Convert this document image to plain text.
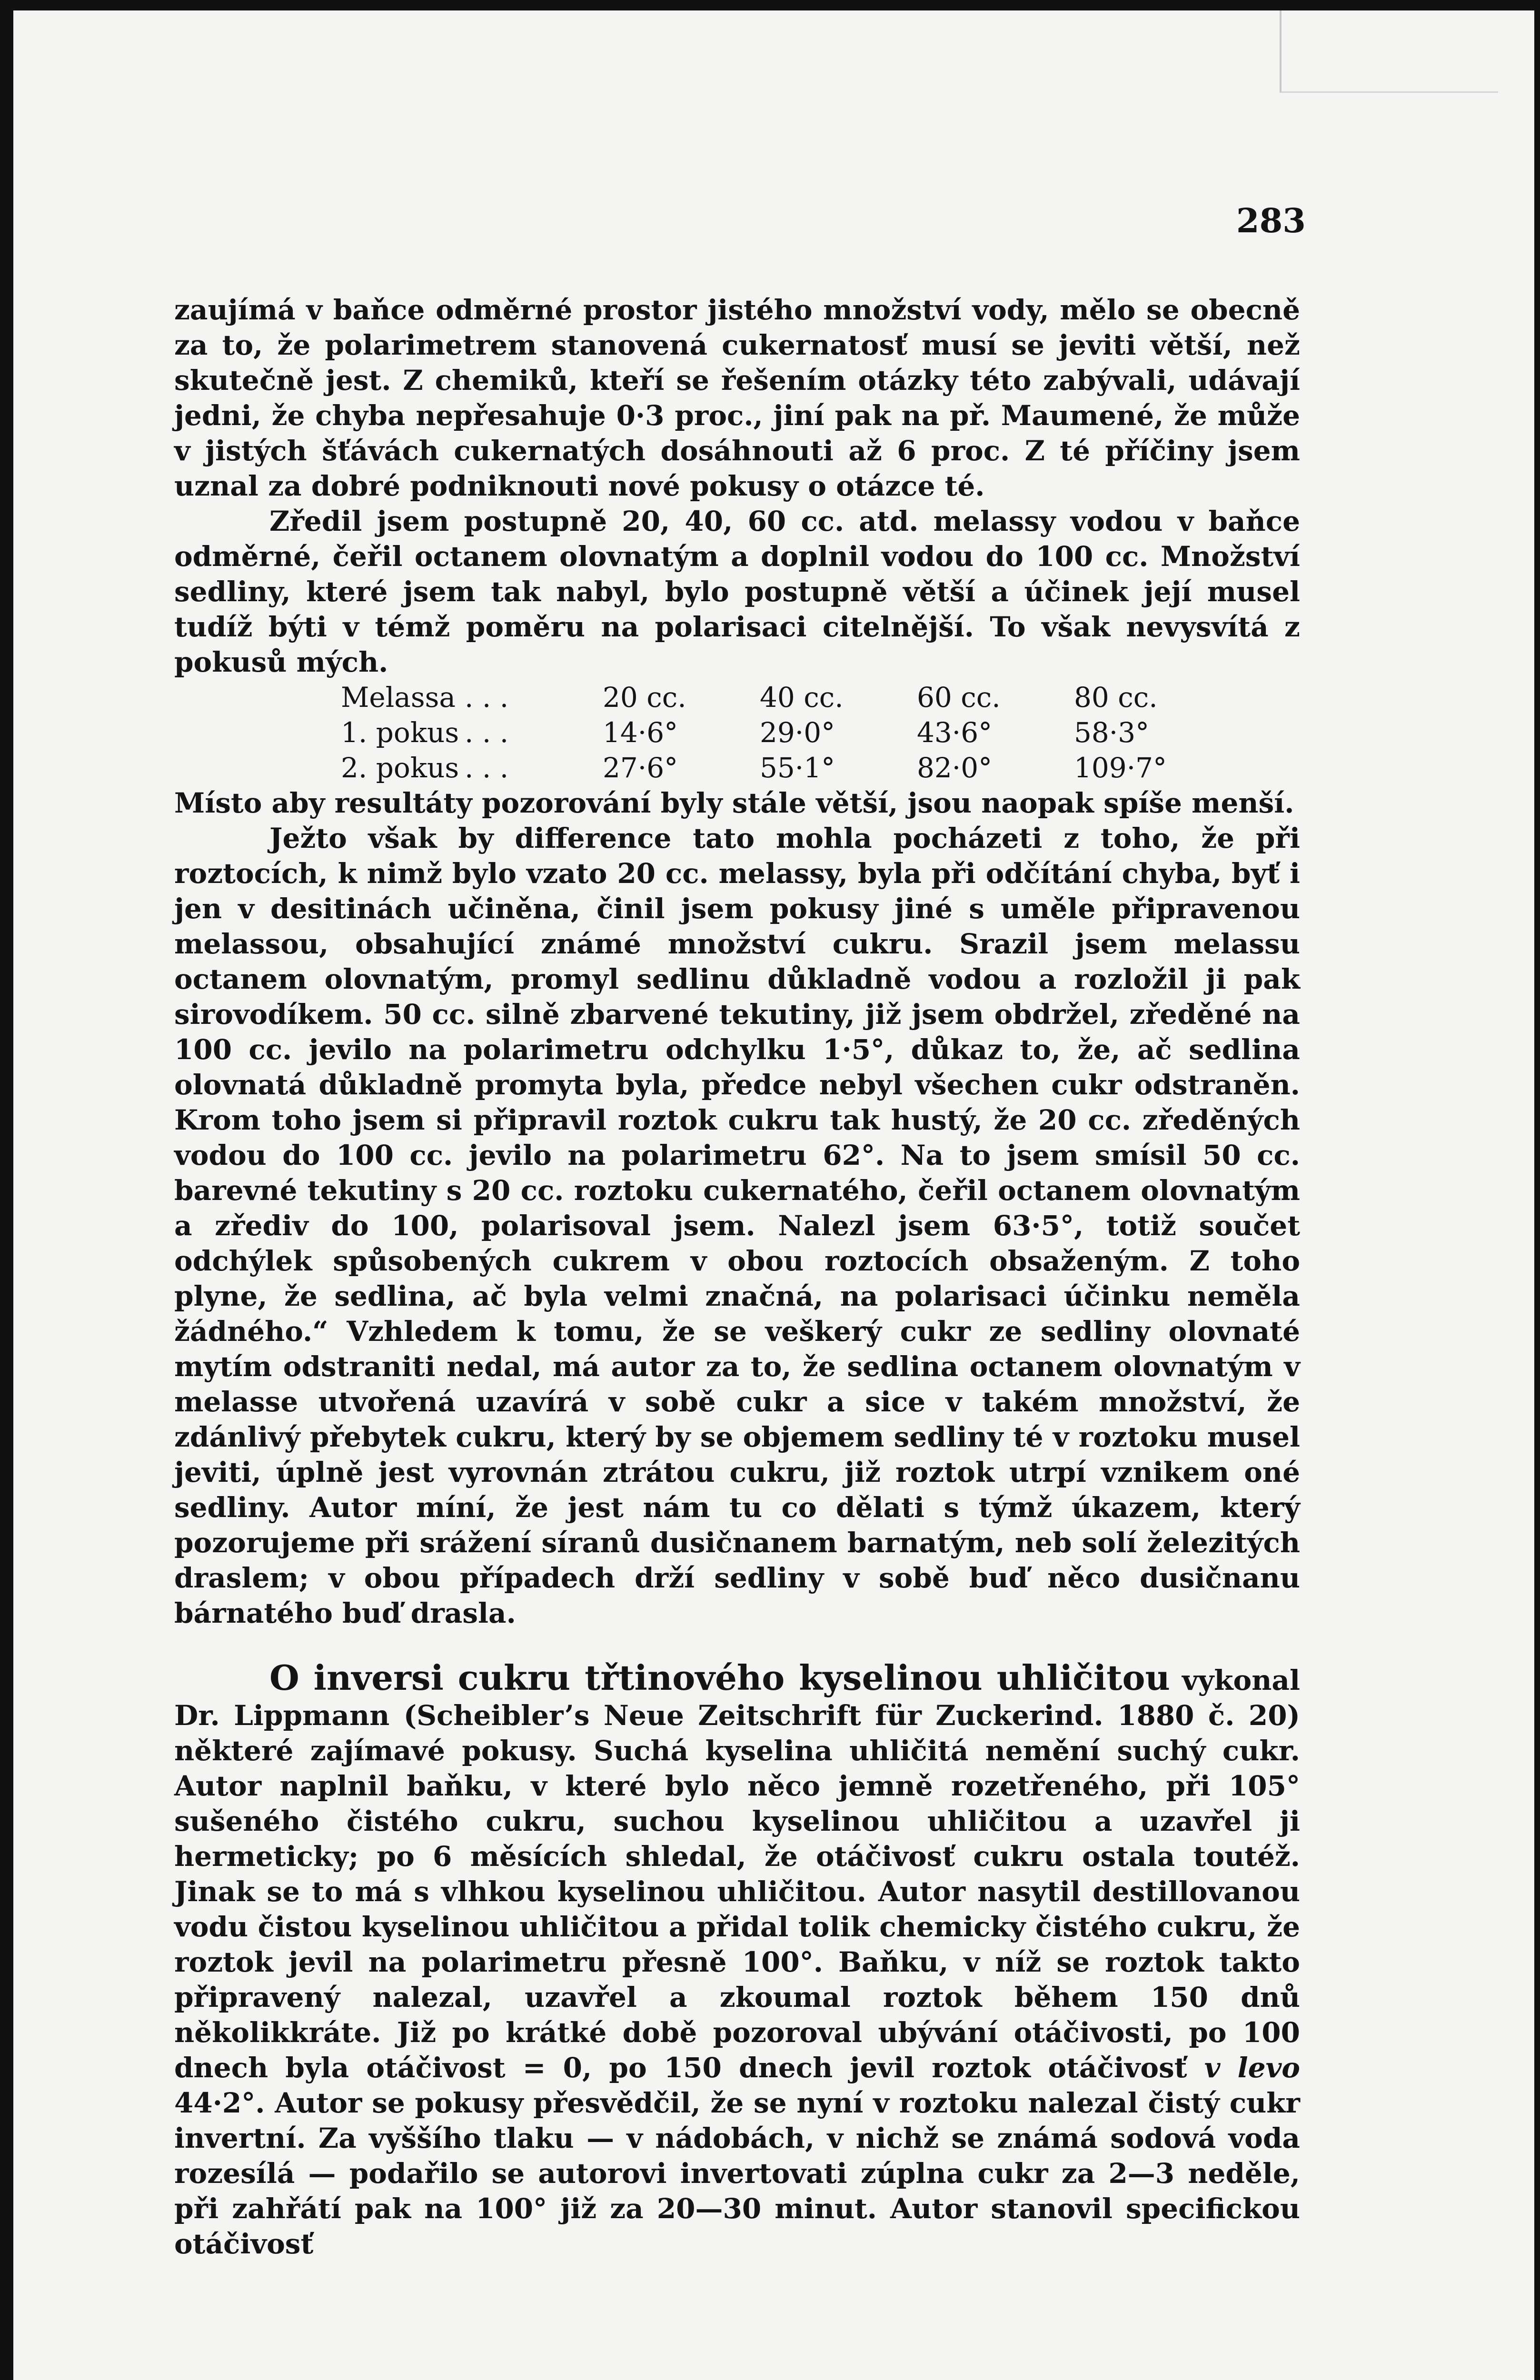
283

zaujímá v baňce odměrné prostor jistého množství vody, mělo se obecně za to, že polarimetrem stanovená cukernatosť musí se jeviti větší, než skutečně jest. Z chemiků, kteří se řešením otázky této zabývali, udávají jedni, že chyba nepřesahuje 0·3 proc., jiní pak na př. Maumené, že může v jistých šťávách cukernatých dosáhnouti až 6 proc. Z té příčiny jsem uznal za dobré podniknouti nové pokusy o otázce té.

Zředil jsem postupně 20, 40, 60 cc. atd. melassy vodou v baňce odměrné, čeřil octanem olovnatým a doplnil vodou do 100 cc. Množství sedliny, které jsem tak nabyl, bylo postupně větší a účinek její musel tudíž býti v témž poměru na polarisaci citelnější. To však nevysvítá z pokusů mých.

Melassa . . .	20 cc.	40 cc.	60 cc.	80 cc.
1. pokus . . .	14·6°	29·0°	43·6°	58·3°
2. pokus . . .	27·6°	55·1°	82·0°	109·7°

Místo aby resultáty pozorování byly stále větší, jsou naopak spíše menší.

Ježto však by difference tato mohla pocházeti z toho, že při roztocích, k nimž bylo vzato 20 cc. melassy, byla při odčítání chyba, byť i jen v desitinách učiněna, činil jsem pokusy jiné s uměle připravenou melassou, obsahující známé množství cukru. Srazil jsem melassu octanem olovnatým, promyl sedlinu důkladně vodou a rozložil ji pak sirovodíkem. 50 cc. silně zbarvené tekutiny, již jsem obdržel, zředěné na 100 cc. jevilo na polarimetru odchylku 1·5°, důkaz to, že, ač sedlina olovnatá důkladně promyta byla, předce nebyl všechen cukr odstraněn. Krom toho jsem si připravil roztok cukru tak hustý, že 20 cc. zředěných vodou do 100 cc. jevilo na polarimetru 62°. Na to jsem smísil 50 cc. barevné tekutiny s 20 cc. roztoku cukernatého, čeřil octanem olovnatým a zřediv do 100, polarisoval jsem. Nalezl jsem 63·5°, totiž součet odchýlek spůsobených cukrem v obou roztocích obsaženým. Z toho plyne, že sedlina, ač byla velmi značná, na polarisaci účinku neměla žádného.“ Vzhledem k tomu, že se veškerý cukr ze sedliny olovnaté mytím odstraniti nedal, má autor za to, že sedlina octanem olovnatým v melasse utvořená uzavírá v sobě cukr a sice v takém množství, že zdánlivý přebytek cukru, který by se objemem sedliny té v roztoku musel jeviti, úplně jest vyrovnán ztrátou cukru, již roztok utrpí vznikem oné sedliny. Autor míní, že jest nám tu co dělati s týmž úkazem, který pozorujeme při srážení síranů dusičnanem barnatým, neb solí železitých draslem; v obou případech drží sedliny v sobě buď něco dusičnanu bárnatého buď drasla.

O inversi cukru třtinového kyselinou uhličitou vykonal Dr. Lippmann (Scheibler’s Neue Zeitschrift für Zuckerind. 1880 č. 20) některé zajímavé pokusy. Suchá kyselina uhličitá nemění suchý cukr. Autor naplnil baňku, v které bylo něco jemně rozetřeného, při 105° sušeného čistého cukru, suchou kyselinou uhličitou a uzavřel ji hermeticky; po 6 měsících shledal, že otáčivosť cukru ostala toutéž. Jinak se to má s vlhkou kyselinou uhličitou. Autor nasytil destillovanou vodu čistou kyselinou uhličitou a přidal tolik chemicky čistého cukru, že roztok jevil na polarimetru přesně 100°. Baňku, v níž se roztok takto připravený nalezal, uzavřel a zkoumal roztok během 150 dnů několikkráte. Již po krátké době pozoroval ubývání otáčivosti, po 100 dnech byla otáčivost = 0, po 150 dnech jevil roztok otáčivosť v levo 44·2°. Autor se pokusy přesvědčil, že se nyní v roztoku nalezal čistý cukr invertní. Za vyššího tlaku — v nádobách, v nichž se známá sodová voda rozesílá — podařilo se autorovi invertovati zúplna cukr za 2—3 neděle, při zahřátí pak na 100° již za 20—30 minut. Autor stanovil specifickou otáčivosť
